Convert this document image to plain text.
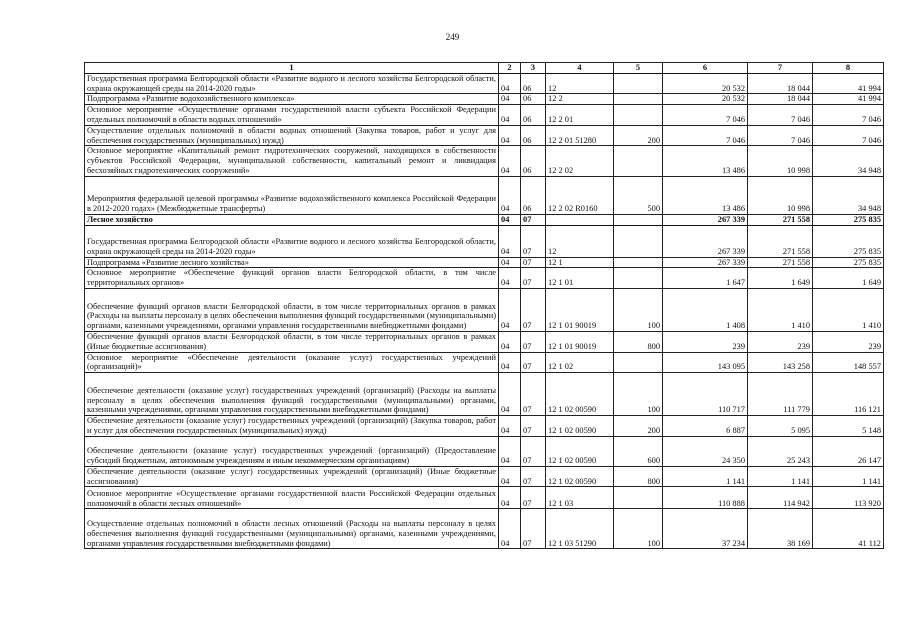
249
1	2	3	4	5	6	7	8
Государственная программа Белгородской области «Развитие водного и лесного хозяйства Белгородской области, охрана окружающей среды на 2014-2020 годы»	04	06	12		20 532	18 044	41 994
Подпрограмма «Развитие водохозяйственного комплекса»	04	06	12 2		20 532	18 044	41 994
Основное мероприятие «Осуществление органами государственной власти субъекта Российской Федерации отдельных полномочий в области водных отношений»	04	06	12 2 01		7 046	7 046	7 046
Осуществление отдельных полномочий в области водных отношений (Закупка товаров, работ и услуг для обеспечения государственных (муниципальных) нужд)	04	06	12 2 01 51280	200	7 046	7 046	7 046
Основное мероприятие «Капитальный ремонт гидротехнических сооружений, находящихся в собственности субъектов Российской Федерации, муниципальной собственности, капитальный ремонт и ликвидация бесхозяйных гидротехнических сооружений»	04	06	12 2 02		13 486	10 998	34 948
Мероприятия федеральной целевой программы «Развитие водохозяйственного комплекса Российской Федерации в 2012-2020 годах» (Межбюджетные трансферты)	04	06	12 2 02 R0160	500	13 486	10 998	34 948
Лесное хозяйство	04	07			267 339	271 558	275 835
Государственная программа Белгородской области «Развитие водного и лесного хозяйства Белгородской области, охрана окружающей среды на 2014-2020 годы»	04	07	12		267 339	271 558	275 835
Подпрограмма «Развитие лесного хозяйства»	04	07	12 1		267 339	271 558	275 835
Основное мероприятие «Обеспечение функций органов власти Белгородской области, в том числе территориальных органов»	04	07	12 1 01		1 647	1 649	1 649
Обеспечение функций органов власти Белгородской области, в том числе территориальных органов в рамках (Расходы на выплаты персоналу в целях обеспечения выполнения функций государственными (муниципальными) органами, казенными учреждениями, органами управления государственными внебюджетными фондами)	04	07	12 1 01 90019	100	1 408	1 410	1 410
Обеспечение функций органов власти Белгородской области, в том числе территориальных органов в рамках (Иные бюджетные ассигнования)	04	07	12 1 01 90019	800	239	239	239
Основное мероприятие «Обеспечение деятельности (оказание услуг) государственных учреждений (организаций)»	04	07	12 1 02		143 095	143 258	148 557
Обеспечение деятельности (оказание услуг) государственных учреждений (организаций) (Расходы на выплаты персоналу в целях обеспечения выполнения функций государственными (муниципальными) органами, казенными учреждениями, органами управления государственными внебюджетными фондами)	04	07	12 1 02 00590	100	110 717	111 779	116 121
Обеспечение деятельности (оказание услуг) государственных учреждений (организаций) (Закупка товаров, работ и услуг для обеспечения государственных (муниципальных) нужд)	04	07	12 1 02 00590	200	6 887	5 095	5 148
Обеспечение деятельности (оказание услуг) государственных учреждений (организаций) (Предоставление субсидий бюджетным, автономным учреждениям и иным некоммерческим организациям)	04	07	12 1 02 00590	600	24 350	25 243	26 147
Обеспечение деятельности (оказание услуг) государственных учреждений (организаций) (Иные бюджетные ассигнования)	04	07	12 1 02 00590	800	1 141	1 141	1 141
Основное мероприятие «Осуществление органами государственной власти Российской Федерации отдельных полномочий в области лесных отношений»	04	07	12 1 03		110 888	114 942	113 920
Осуществление отдельных полномочий в области лесных отношений (Расходы на выплаты персоналу в целях обеспечения выполнения функций государственными (муниципальными) органами, казенными учреждениями, органами управления государственными внебюджетными фондами)	04	07	12 1 03 51290	100	37 234	38 169	41 112
